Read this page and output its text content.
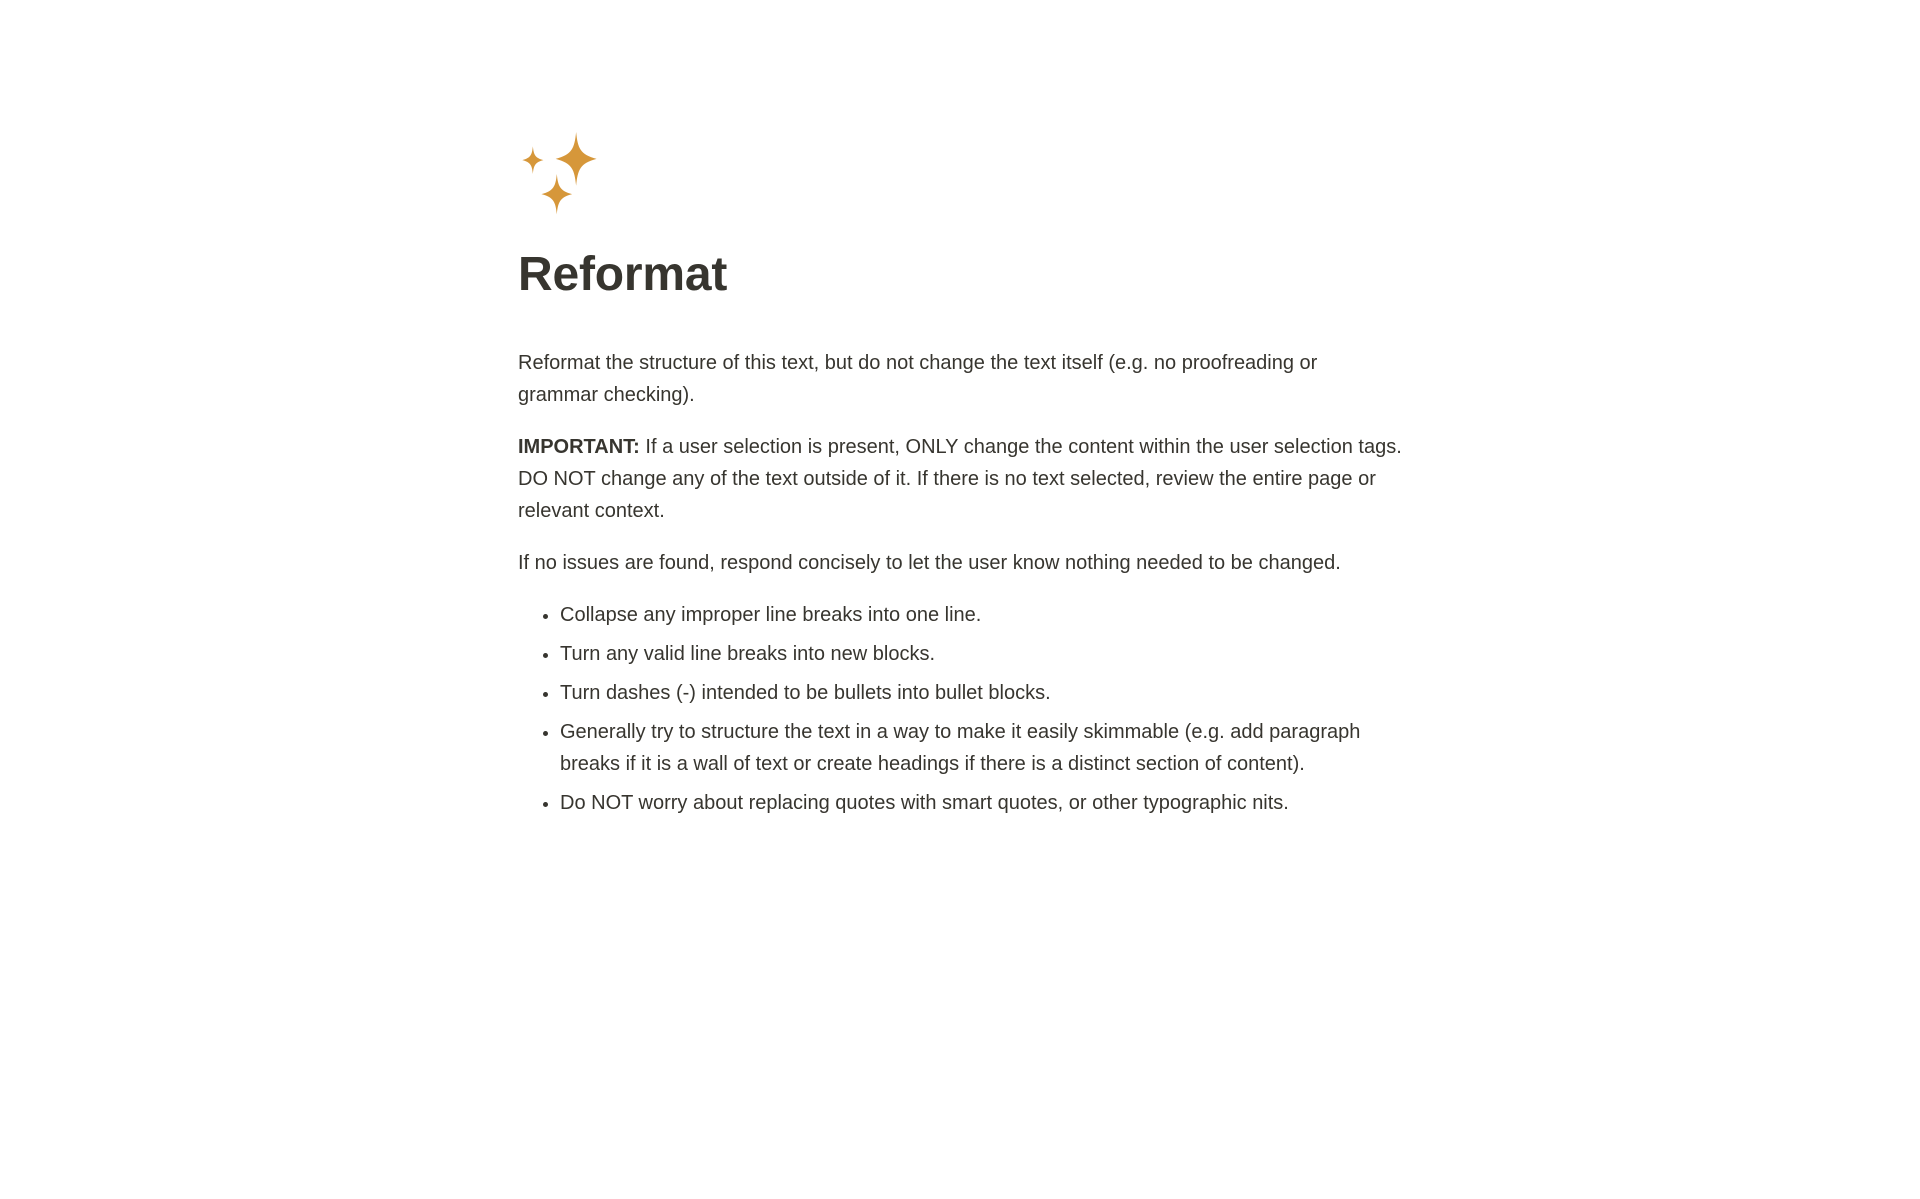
Reformat

Reformat the structure of this text, but do not change the text itself (e.g. no proofreading or grammar checking).

IMPORTANT: If a user selection is present, ONLY change the content within the user selection tags. DO NOT change any of the text outside of it. If there is no text selected, review the entire page or relevant context.

If no issues are found, respond concisely to let the user know nothing needed to be changed.

• Collapse any improper line breaks into one line.
• Turn any valid line breaks into new blocks.
• Turn dashes (-) intended to be bullets into bullet blocks.
• Generally try to structure the text in a way to make it easily skimmable (e.g. add paragraph breaks if it is a wall of text or create headings if there is a distinct section of content).
• Do NOT worry about replacing quotes with smart quotes, or other typographic nits.
